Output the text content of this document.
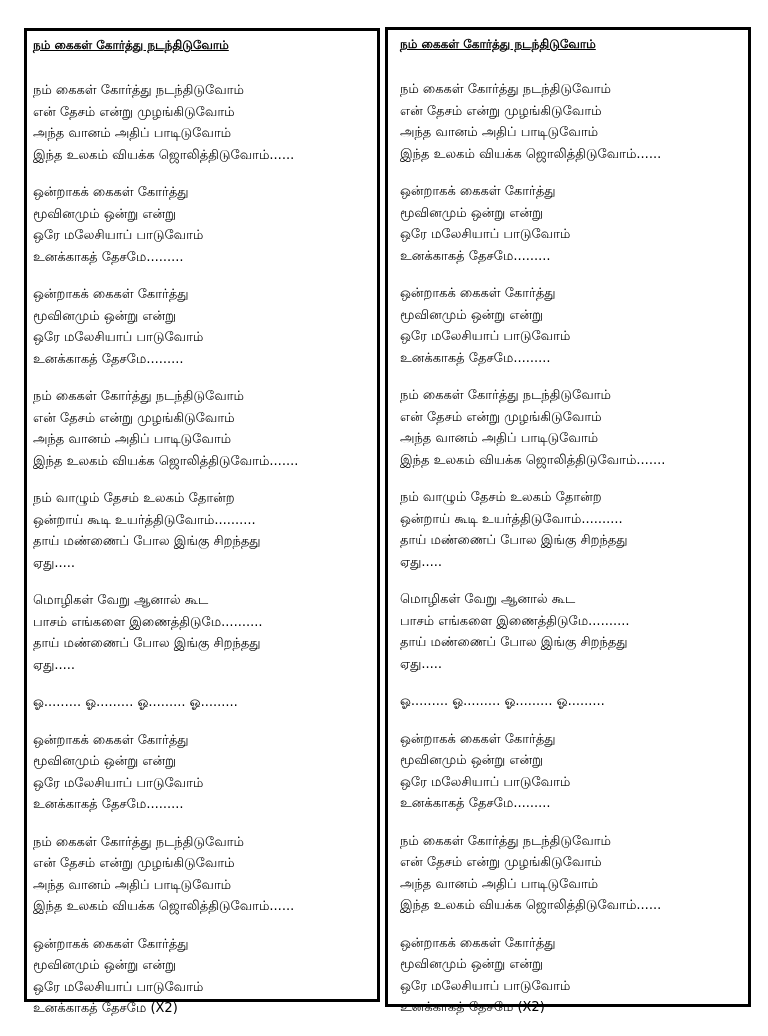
நம் கைகள் கோர்த்து நடந்திடுவோம்
நம் கைகள் கோர்த்து நடந்திடுவோம்
என் தேசம் என்று முழங்கிடுவோம்
அந்த வானம் அதிப் பாடிடுவோம்
இந்த உலகம் வியக்க ஜொலித்திடுவோம்......
ஒன்றாகக் கைகள் கோர்த்து
மூவினமும் ஒன்று என்று
ஒரே மலேசியாப் பாடுவோம்
உனக்காகத் தேசமே.........
ஒன்றாகக் கைகள் கோர்த்து
மூவினமும் ஒன்று என்று
ஒரே மலேசியாப் பாடுவோம்
உனக்காகத் தேசமே.........
நம் கைகள் கோர்த்து நடந்திடுவோம்
என் தேசம் என்று முழங்கிடுவோம்
அந்த வானம் அதிப் பாடிடுவோம்
இந்த உலகம் வியக்க ஜொலித்திடுவோம்.......
நம் வாழும் தேசம் உலகம் தோன்ற
ஒன்றாய் கூடி உயர்த்திடுவோம்..........
தாய் மண்ணைப் போல இங்கு சிறந்தது
ஏது.....
மொழிகள் வேறு ஆனால் கூட
பாசம் எங்களை இணைத்திடுமே..........
தாய் மண்ணைப் போல இங்கு சிறந்தது
ஏது.....
ஓ......... ஓ......... ஓ......... ஓ.........
ஒன்றாகக் கைகள் கோர்த்து
மூவினமும் ஒன்று என்று
ஒரே மலேசியாப் பாடுவோம்
உனக்காகத் தேசமே.........
நம் கைகள் கோர்த்து நடந்திடுவோம்
என் தேசம் என்று முழங்கிடுவோம்
அந்த வானம் அதிப் பாடிடுவோம்
இந்த உலகம் வியக்க ஜொலித்திடுவோம்......
ஒன்றாகக் கைகள் கோர்த்து
மூவினமும் ஒன்று என்று
ஒரே மலேசியாப் பாடுவோம்
உனக்காகத் தேசமே (X2)
நம் கைகள் கோர்த்து நடந்திடுவோம்
நம் கைகள் கோர்த்து நடந்திடுவோம்
என் தேசம் என்று முழங்கிடுவோம்
அந்த வானம் அதிப் பாடிடுவோம்
இந்த உலகம் வியக்க ஜொலித்திடுவோம்......
ஒன்றாகக் கைகள் கோர்த்து
மூவினமும் ஒன்று என்று
ஒரே மலேசியாப் பாடுவோம்
உனக்காகத் தேசமே.........
ஒன்றாகக் கைகள் கோர்த்து
மூவினமும் ஒன்று என்று
ஒரே மலேசியாப் பாடுவோம்
உனக்காகத் தேசமே.........
நம் கைகள் கோர்த்து நடந்திடுவோம்
என் தேசம் என்று முழங்கிடுவோம்
அந்த வானம் அதிப் பாடிடுவோம்
இந்த உலகம் வியக்க ஜொலித்திடுவோம்.......
நம் வாழும் தேசம் உலகம் தோன்ற
ஒன்றாய் கூடி உயர்த்திடுவோம்..........
தாய் மண்ணைப் போல இங்கு சிறந்தது
ஏது.....
மொழிகள் வேறு ஆனால் கூட
பாசம் எங்களை இணைத்திடுமே..........
தாய் மண்ணைப் போல இங்கு சிறந்தது
ஏது.....
ஓ......... ஓ......... ஓ......... ஓ.........
ஒன்றாகக் கைகள் கோர்த்து
மூவினமும் ஒன்று என்று
ஒரே மலேசியாப் பாடுவோம்
உனக்காகத் தேசமே.........
நம் கைகள் கோர்த்து நடந்திடுவோம்
என் தேசம் என்று முழங்கிடுவோம்
அந்த வானம் அதிப் பாடிடுவோம்
இந்த உலகம் வியக்க ஜொலித்திடுவோம்......
ஒன்றாகக் கைகள் கோர்த்து
மூவினமும் ஒன்று என்று
ஒரே மலேசியாப் பாடுவோம்
உனக்காகத் தேசமே (X2)
